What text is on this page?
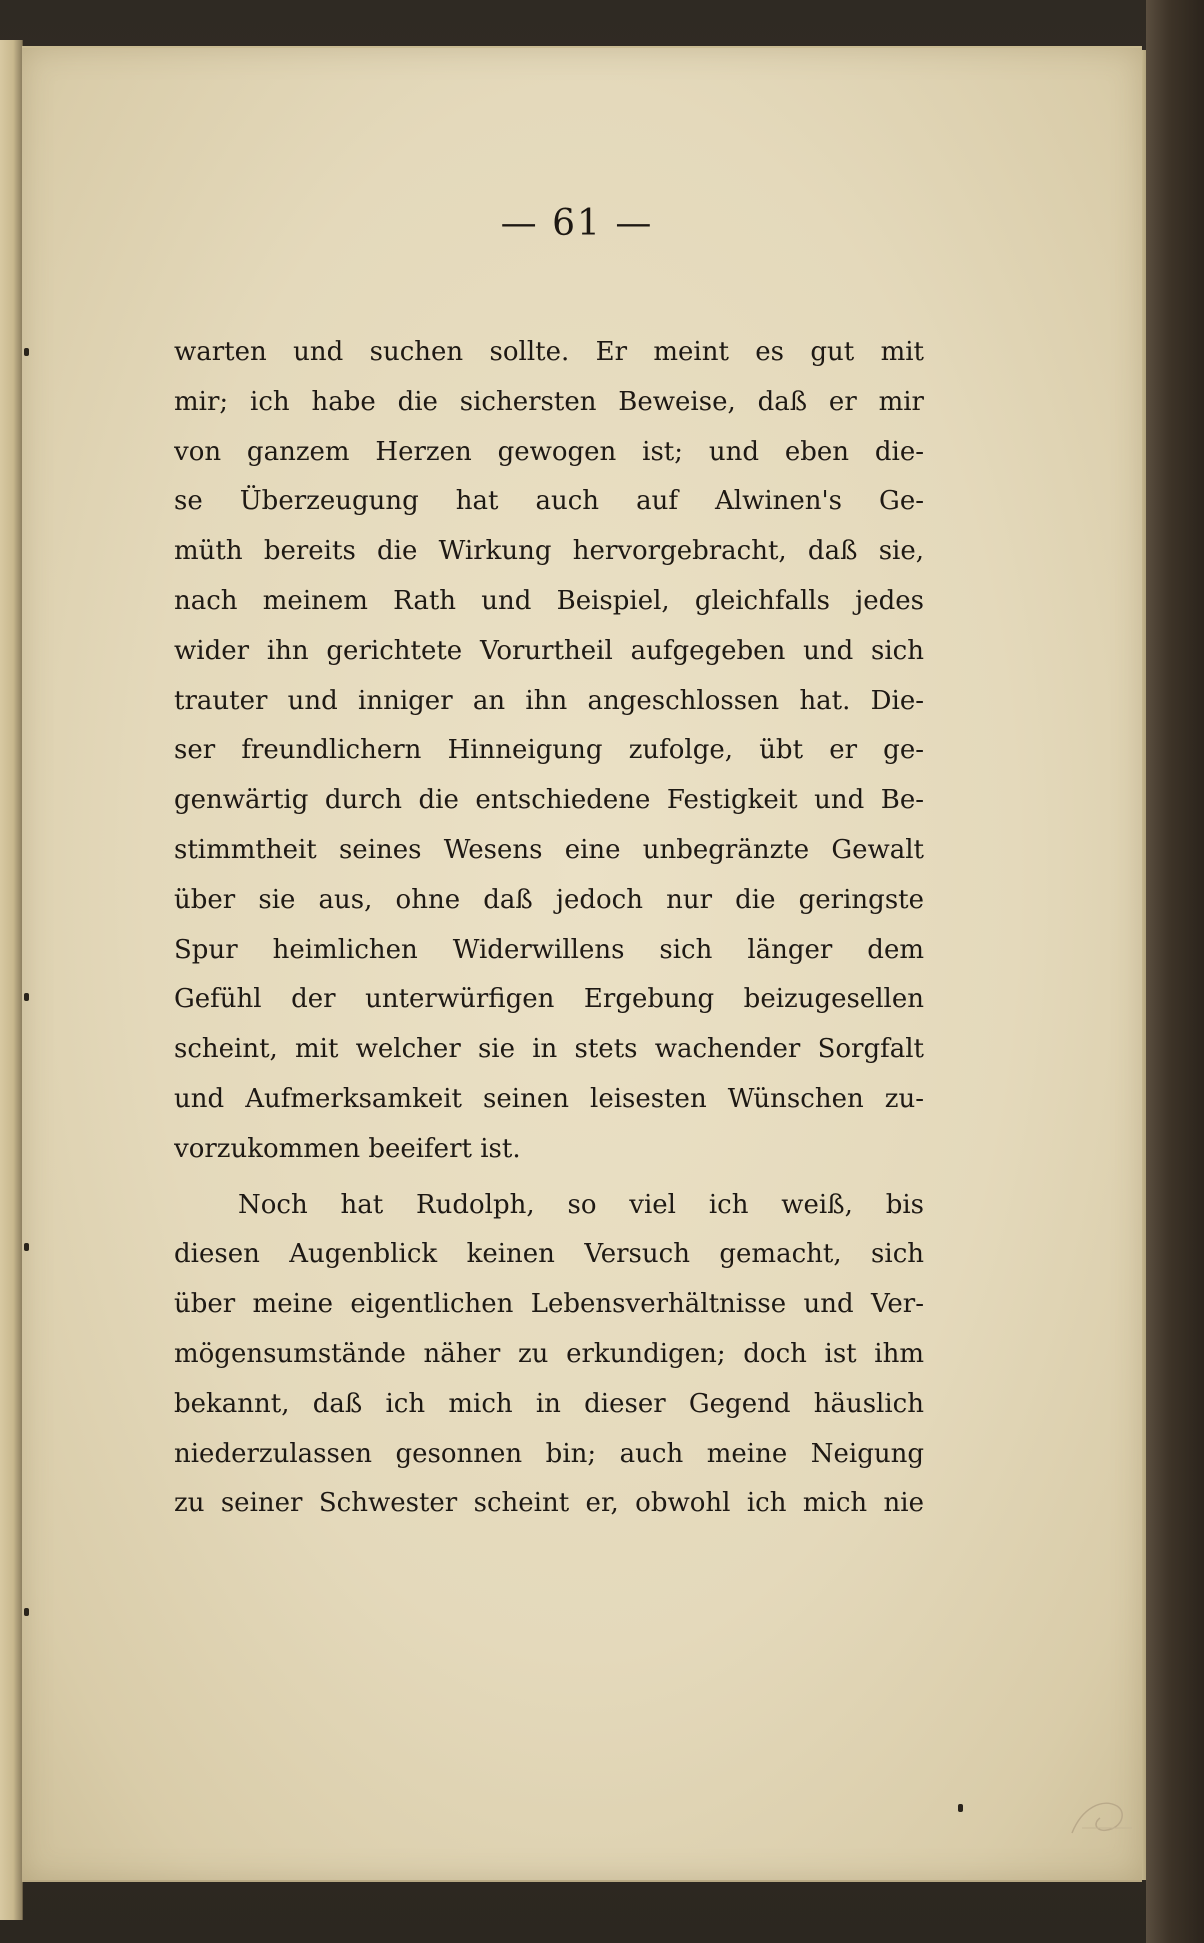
— 61 —
warten und suchen sollte. Er meint es gut mit
mir; ich habe die sichersten Beweise, daß er mir
von ganzem Herzen gewogen ist; und eben die-
se Überzeugung hat auch auf Alwinen's Ge-
müth bereits die Wirkung hervorgebracht, daß sie,
nach meinem Rath und Beispiel, gleichfalls jedes
wider ihn gerichtete Vorurtheil aufgegeben und sich
trauter und inniger an ihn angeschlossen hat. Die-
ser freundlichern Hinneigung zufolge, übt er ge-
genwärtig durch die entschiedene Festigkeit und Be-
stimmtheit seines Wesens eine unbegränzte Gewalt
über sie aus, ohne daß jedoch nur die geringste
Spur heimlichen Widerwillens sich länger dem
Gefühl der unterwürfigen Ergebung beizugesellen
scheint, mit welcher sie in stets wachender Sorgfalt
und Aufmerksamkeit seinen leisesten Wünschen zu-
vorzukommen beeifert ist.
Noch hat Rudolph, so viel ich weiß, bis
diesen Augenblick keinen Versuch gemacht, sich
über meine eigentlichen Lebensverhältnisse und Ver-
mögensumstände näher zu erkundigen; doch ist ihm
bekannt, daß ich mich in dieser Gegend häuslich
niederzulassen gesonnen bin; auch meine Neigung
zu seiner Schwester scheint er, obwohl ich mich nie
